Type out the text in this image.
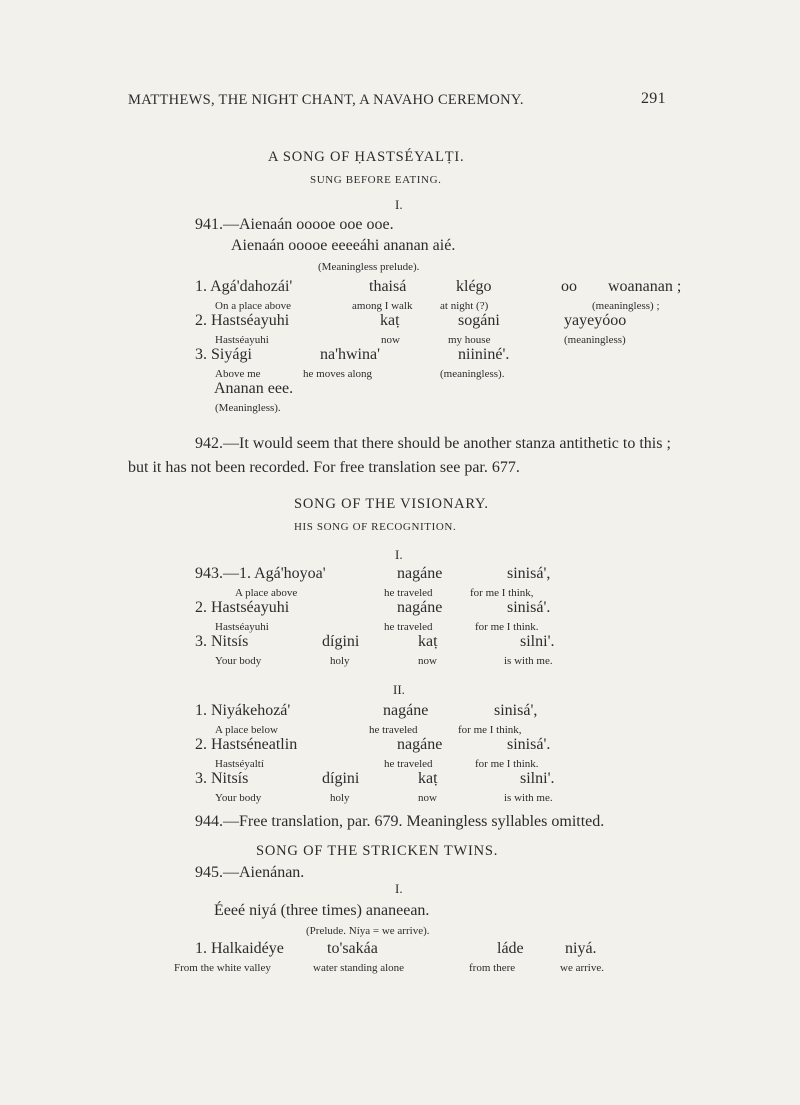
MATTHEWS, THE NIGHT CHANT, A NAVAHO CEREMONY.	291
A SONG OF ḤASTSÉYALṬI.
SUNG BEFORE EATING.
I.
941.—Aienaán ooooe ooe ooe.
Aienaán ooooe eeeeáhi ananan aié.
(Meaningless prelude).
1. Agá'dahozái'	thaisá	klégo	oo woananan ;
On a place above	among I walk	at night (?)	(meaningless) ;
2. Hastséayuhi	kaṭ	sogáni	yayeyóoo
Hastséayuhi	now	my house	(meaningless)
3. Siyági	na'hwina'	niininé'.
Above me	he moves along	(meaningless).
Ananan eee.
(Meaningless).
942.—It would seem that there should be another stanza antithetic to this ;
but it has not been recorded. For free translation see par. 677.
SONG OF THE VISIONARY.
HIS SONG OF RECOGNITION.
I.
943.—1. Agá'hoyoa'	nagáne	sinisá',
A place above	he traveled	for me I think,
2. Hastséayuhi	nagáne	sinisá'.
Hastséayuhi	he traveled	for me I think.
3. Nitsís	dígini	kaṭ	silni'.
Your body	holy	now	is with me.
II.
1. Niyákehozá'	nagáne	sinisá',
A place below	he traveled	for me I think,
2. Hastséneatlin	nagáne	sinisá'.
Hastséyaltí	he traveled	for me I think.
3. Nitsís	dígini	kaṭ	silni'.
Your body	holy	now	is with me.
944.—Free translation, par. 679. Meaningless syllables omitted.
SONG OF THE STRICKEN TWINS.
945.—Aienánan.
I.
Éeeé niyá (three times) ananeean.
(Prelude. Níya = we arrive).
1. Halkaidéye	to'sakáa	láde	niyá.
From the white valley	water standing alone	from there	we arrive.
